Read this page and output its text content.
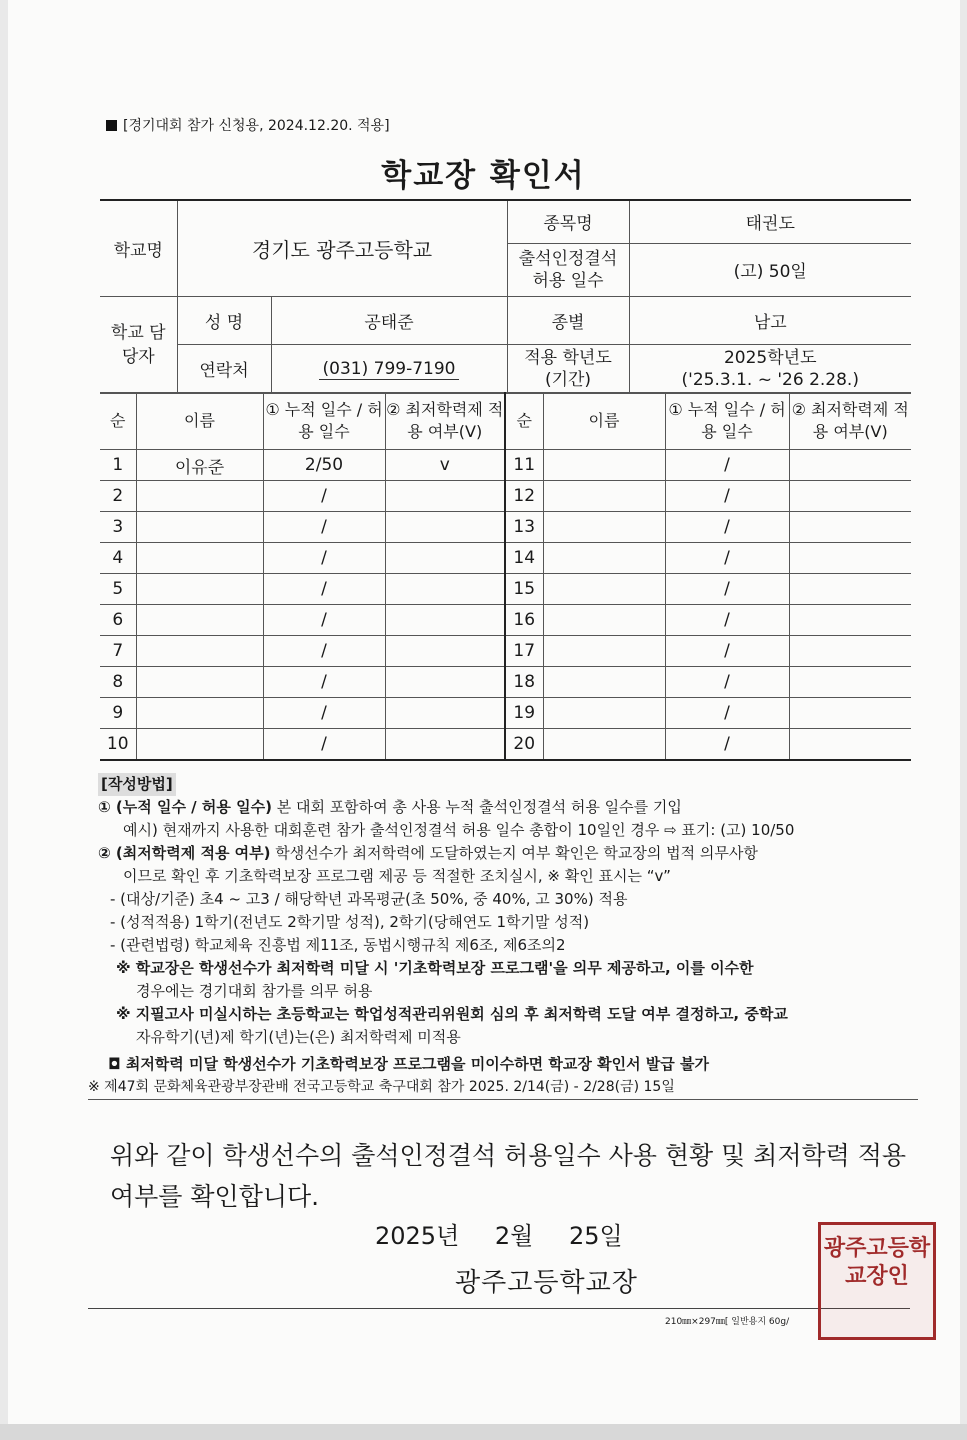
[경기대회 참가 신청용, 2024.12.20. 적용]
학교장 확인서
학교명	경기도 광주고등학교		종목명	태권도
			출석인정결석 허용 일수	(고) 50일
학교 담당자	성 명	공태준	종별	남고
	연락처	(031) 799-7190	적용 학년도 (기간)	2025학년도
('25.3.1. ~ '26 2.28.)
순	이름	① 누적 일수 / 허용 일수	② 최저학력제 적용 여부(V)	순	이름	① 누적 일수 / 허용 일수	② 최저학력제 적용 여부(V)
1	이유준	2/50	v	11		/	
2		/		12		/	
3		/		13		/	
4		/		14		/	
5		/		15		/	
6		/		16		/	
7		/		17		/	
8		/		18		/	
9		/		19		/	
10		/		20		/	

[작성방법]

① (누적 일수 / 허용 일수) 본 대회 포함하여 총 사용 누적 출석인정결석 허용 일수를 기입

예시) 현재까지 사용한 대회훈련 참가 출석인정결석 허용 일수 총합이 10일인 경우 ⇨ 표기: (고) 10/50

② (최저학력제 적용 여부) 학생선수가 최저학력에 도달하였는지 여부 확인은 학교장의 법적 의무사항

이므로 확인 후 기초학력보장 프로그램 제공 등 적절한 조치실시, ※ 확인 표시는 “v”

- (대상/기준) 초4 ~ 고3 / 해당학년 과목평균(초 50%, 중 40%, 고 30%) 적용

- (성적적용) 1학기(전년도 2학기말 성적), 2학기(당해연도 1학기말 성적)

- (관련법령) 학교체육 진흥법 제11조, 동법시행규칙 제6조, 제6조의2

※ 학교장은 학생선수가 최저학력 미달 시 '기초학력보장 프로그램'을 의무 제공하고, 이를 이수한

경우에는 경기대회 참가를 의무 허용

※ 지필고사 미실시하는 초등학교는 학업성적관리위원회 심의 후 최저학력 도달 여부 결정하고, 중학교

자유학기(년)제 학기(년)는(은) 최저학력제 미적용

◘ 최저학력 미달 학생선수가 기초학력보장 프로그램을 미이수하면 학교장 확인서 발급 불가

※ 제47회 문화체육관광부장관배 전국고등학교 축구대회 참가 2025. 2/14(금) - 2/28(금) 15일

위와 같이 학생선수의 출석인정결석 허용일수 사용 현황 및 최저학력 적용 여부를 확인합니다.
2025년 2월 25일
광주고등학교장
210㎜×297㎜[ 일반용지 60g/
광주고등학교장인
